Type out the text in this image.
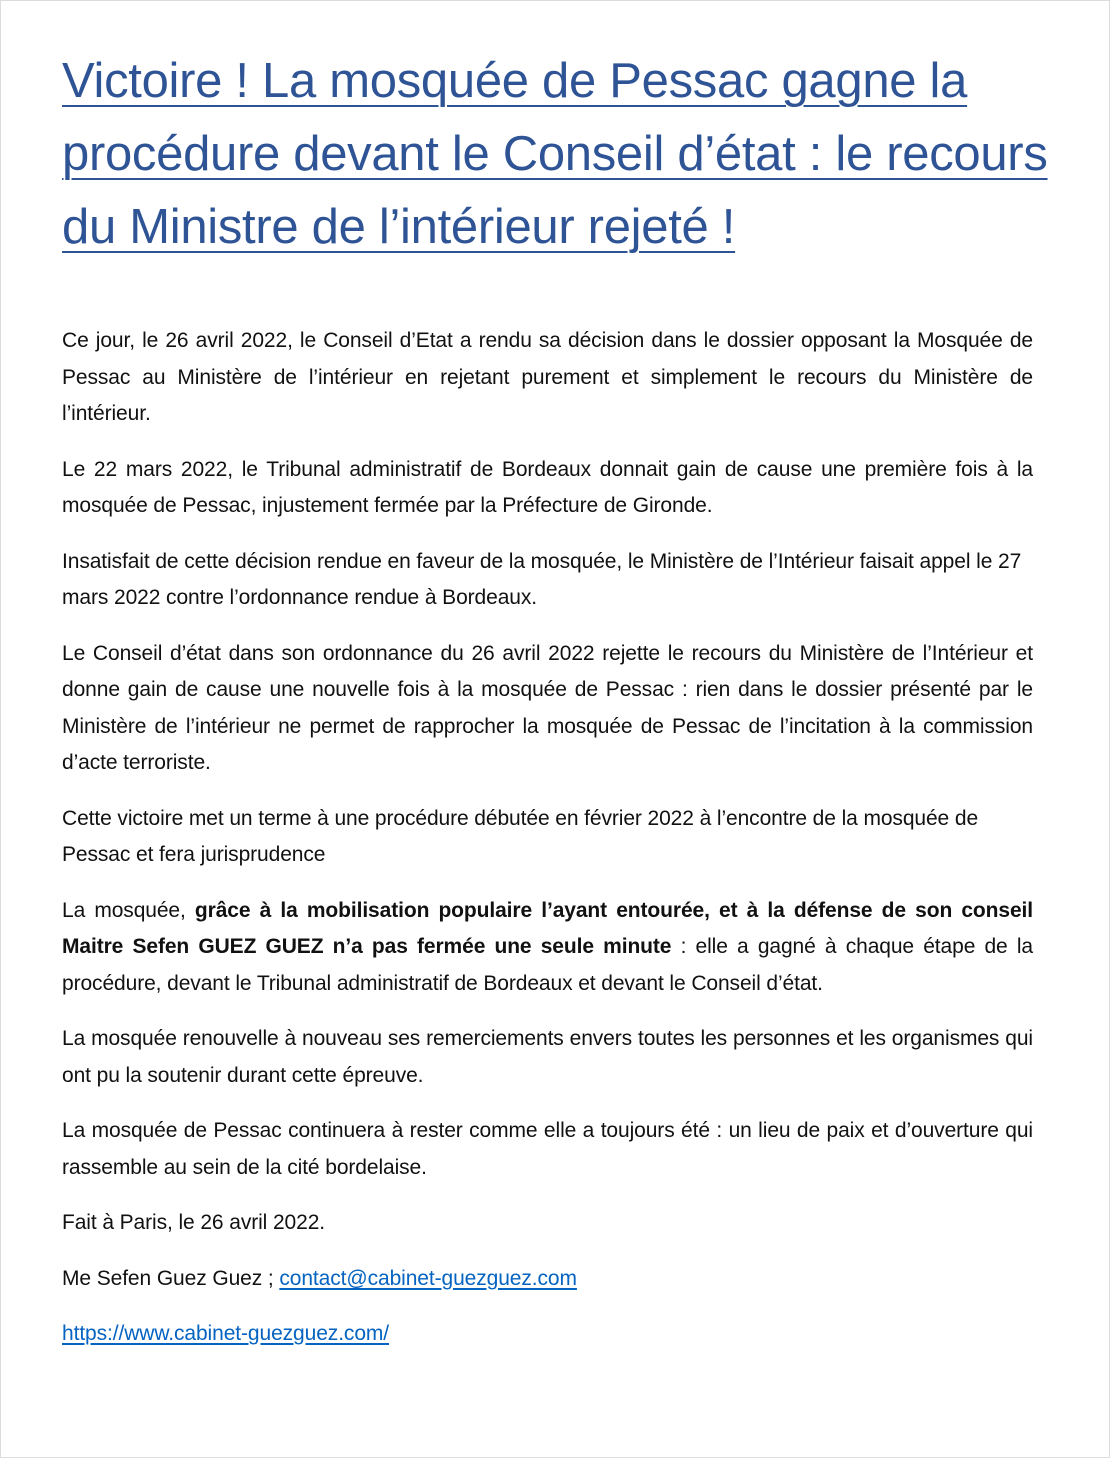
Victoire ! La mosquée de Pessac gagne la procédure devant le Conseil d’état : le recours du Ministre de l’intérieur rejeté !

Ce jour, le 26 avril 2022, le Conseil d’Etat a rendu sa décision dans le dossier opposant la Mosquée de Pessac au Ministère de l’intérieur en rejetant purement et simplement le recours du Ministère de l’intérieur.

Le 22 mars 2022, le Tribunal administratif de Bordeaux donnait gain de cause une première fois à la mosquée de Pessac, injustement fermée par la Préfecture de Gironde.

Insatisfait de cette décision rendue en faveur de la mosquée, le Ministère de l’Intérieur faisait appel le 27 mars 2022 contre l’ordonnance rendue à Bordeaux.

Le Conseil d’état dans son ordonnance du 26 avril 2022 rejette le recours du Ministère de l’Intérieur et donne gain de cause une nouvelle fois à la mosquée de Pessac : rien dans le dossier présenté par le Ministère de l’intérieur ne permet de rapprocher la mosquée de Pessac de l’incitation à la commission d’acte terroriste.

Cette victoire met un terme à une procédure débutée en février 2022 à l’encontre de la mosquée de Pessac et fera jurisprudence

La mosquée, grâce à la mobilisation populaire l’ayant entourée, et à la défense de son conseil Maitre Sefen GUEZ GUEZ n’a pas fermée une seule minute : elle a gagné à chaque étape de la procédure, devant le Tribunal administratif de Bordeaux et devant le Conseil d’état.

La mosquée renouvelle à nouveau ses remerciements envers toutes les personnes et les organismes qui ont pu la soutenir durant cette épreuve.

La mosquée de Pessac continuera à rester comme elle a toujours été : un lieu de paix et d’ouverture qui rassemble au sein de la cité bordelaise.

Fait à Paris, le 26 avril 2022.

Me Sefen Guez Guez ; contact@cabinet-guezguez.com

https://www.cabinet-guezguez.com/
